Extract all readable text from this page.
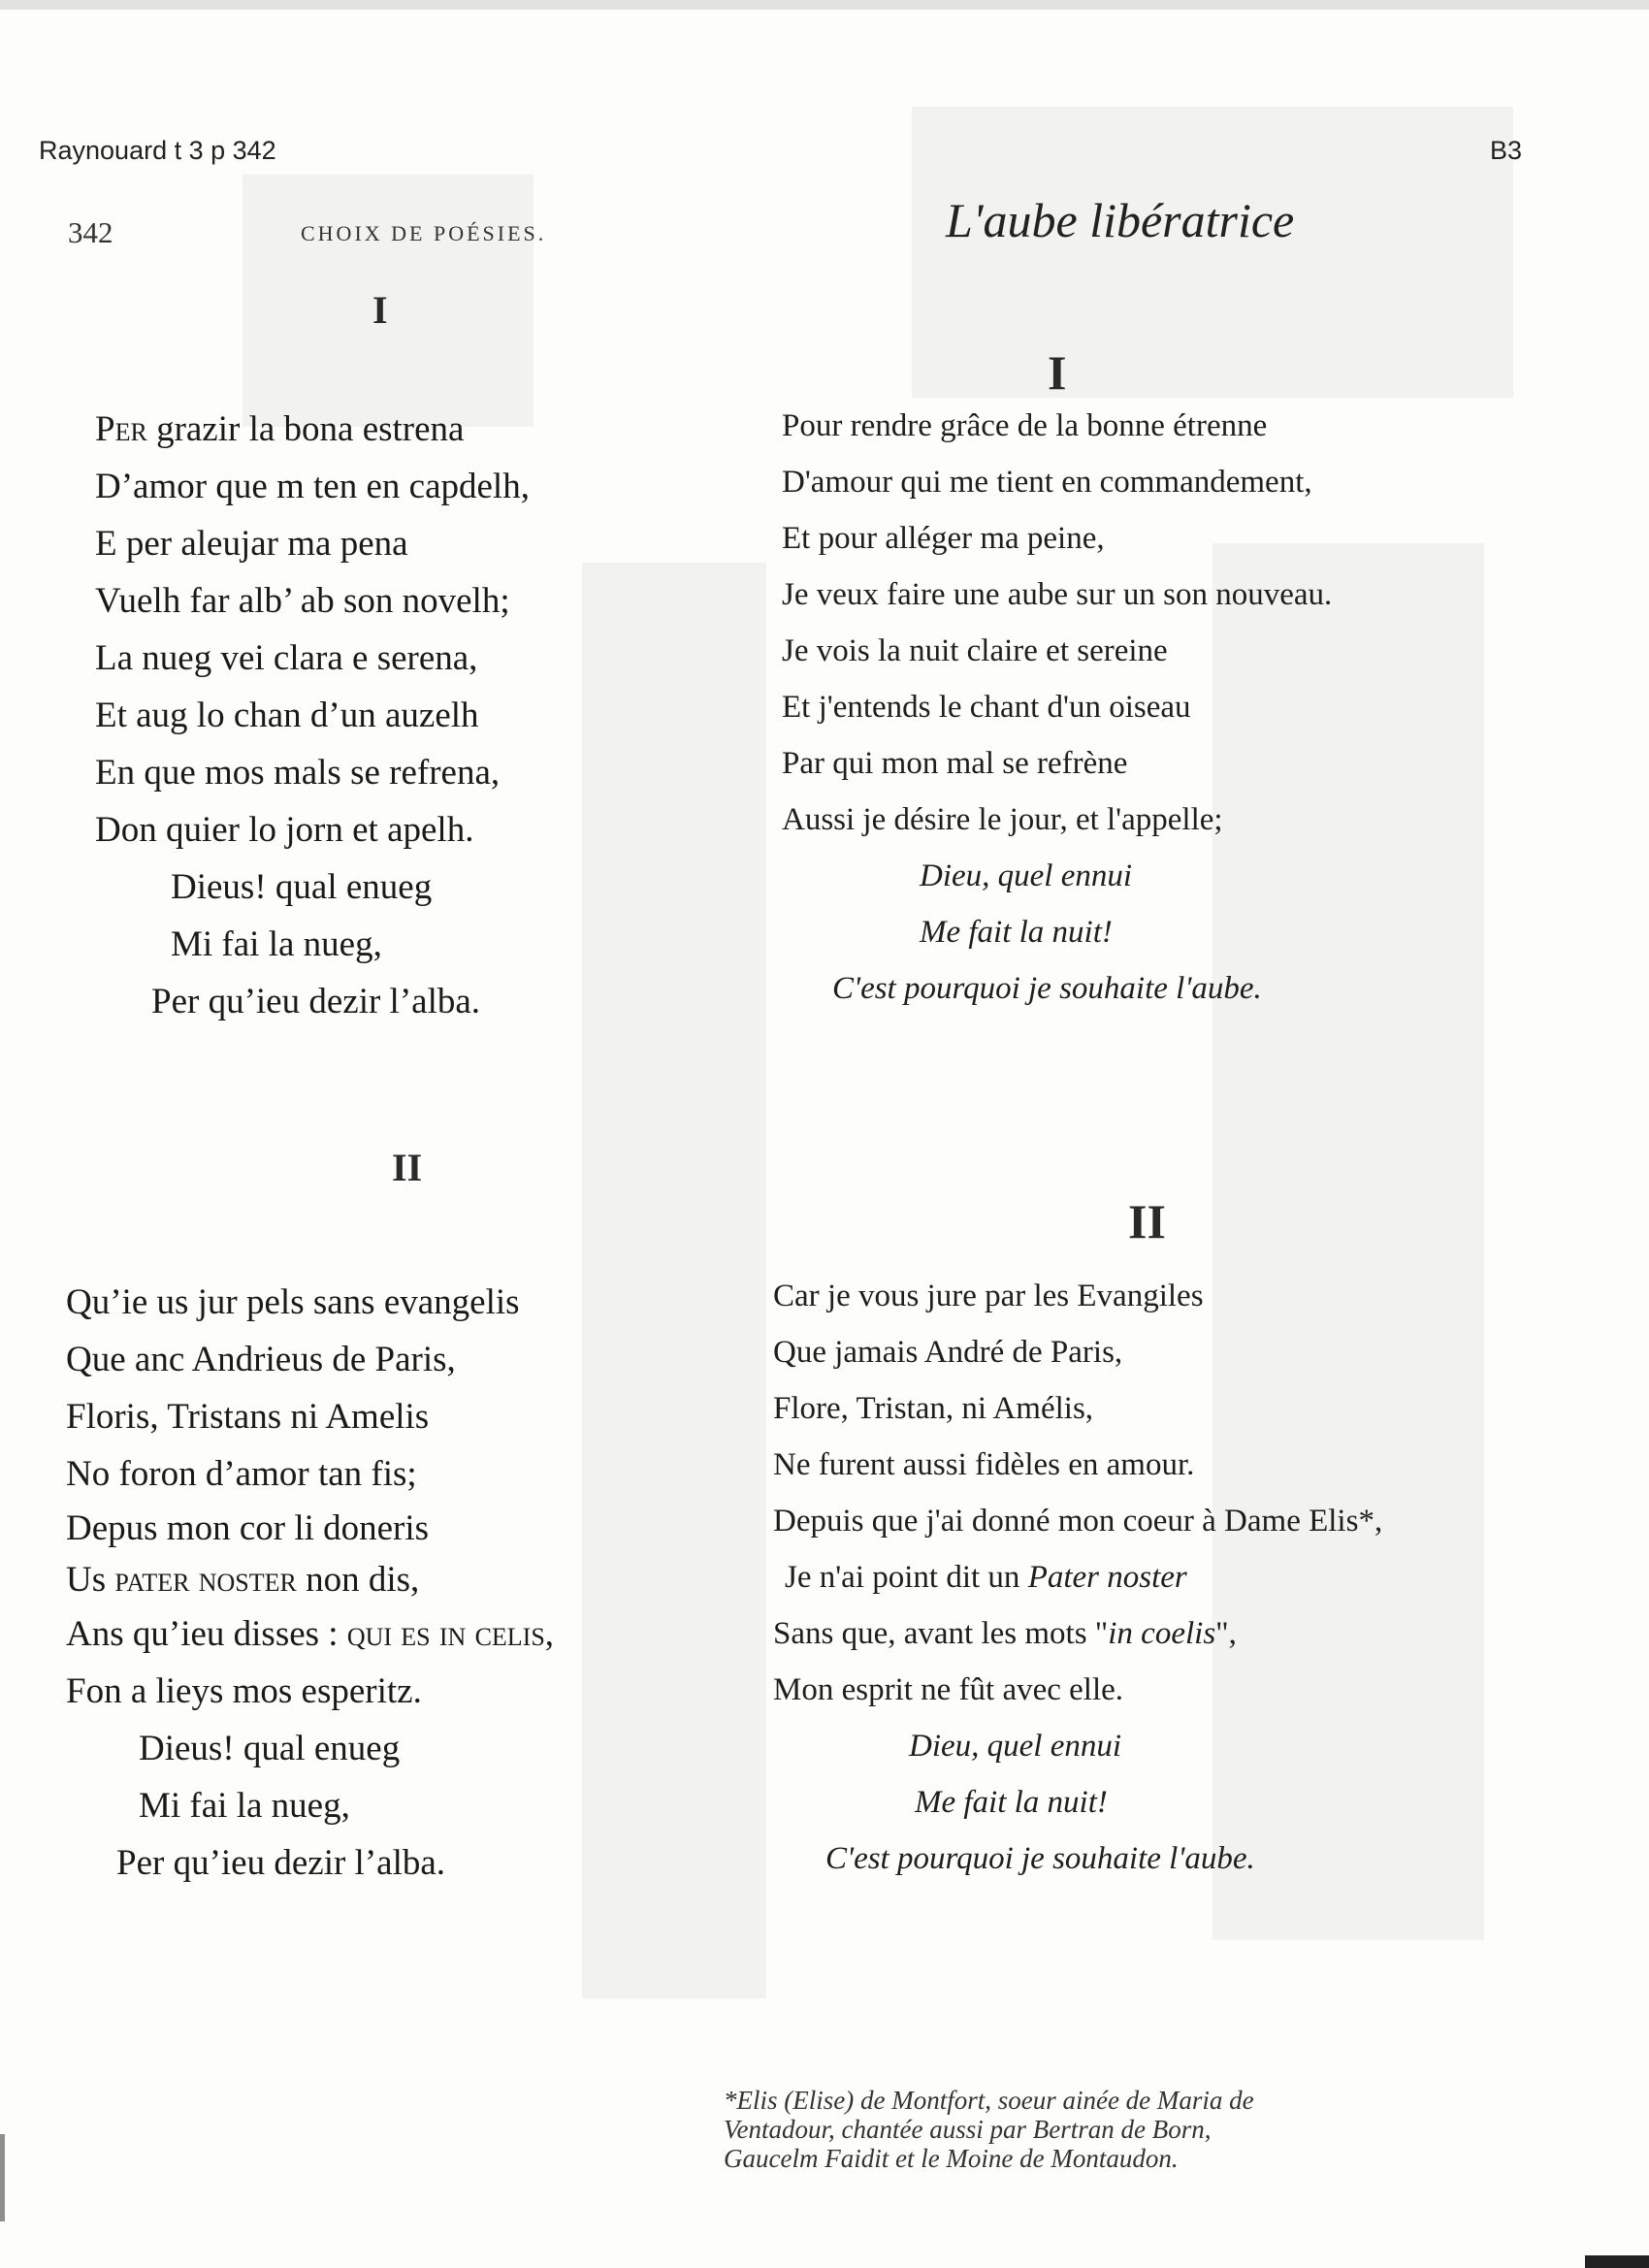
Raynouard t 3 p 342	B3
342	CHOIX DE POÉSIES.	L'aube libératrice
I
Per grazir la bona estrena
D’amor que m ten en capdelh,
E per aleujar ma pena
Vuelh far alb’ ab son novelh;
La nueg vei clara e serena,
Et aug lo chan d’un auzelh
En que mos mals se refrena,
Don quier lo jorn et apelh.
Dieus! qual enueg
Mi fai la nueg,
Per qu’ieu dezir l’alba.
II
Qu’ie us jur pels sans evangelis
Que anc Andrieus de Paris,
Floris, Tristans ni Amelis
No foron d’amor tan fis;
Depus mon cor li doneris
Us pater noster non dis,
Ans qu’ieu disses : qui es in celis,
Fon a lieys mos esperitz.
Dieus! qual enueg
Mi fai la nueg,
Per qu’ieu dezir l’alba.
I
Pour rendre grâce de la bonne étrenne
D'amour qui me tient en commandement,
Et pour alléger ma peine,
Je veux faire une aube sur un son nouveau.
Je vois la nuit claire et sereine
Et j'entends le chant d'un oiseau
Par qui mon mal se refrène
Aussi je désire le jour, et l'appelle;
Dieu, quel ennui
Me fait la nuit!
C'est pourquoi je souhaite l'aube.
II
Car je vous jure par les Evangiles
Que jamais André de Paris,
Flore, Tristan, ni Amélis,
Ne furent aussi fidèles en amour.
Depuis que j'ai donné mon coeur à Dame Elis*,
Je n'ai point dit un Pater noster
Sans que, avant les mots "in coelis",
Mon esprit ne fût avec elle.
Dieu, quel ennui
Me fait la nuit!
C'est pourquoi je souhaite l'aube.
*Elis (Elise) de Montfort, soeur ainée de Maria de
Ventadour, chantée aussi par Bertran de Born,
Gaucelm Faidit et le Moine de Montaudon.
